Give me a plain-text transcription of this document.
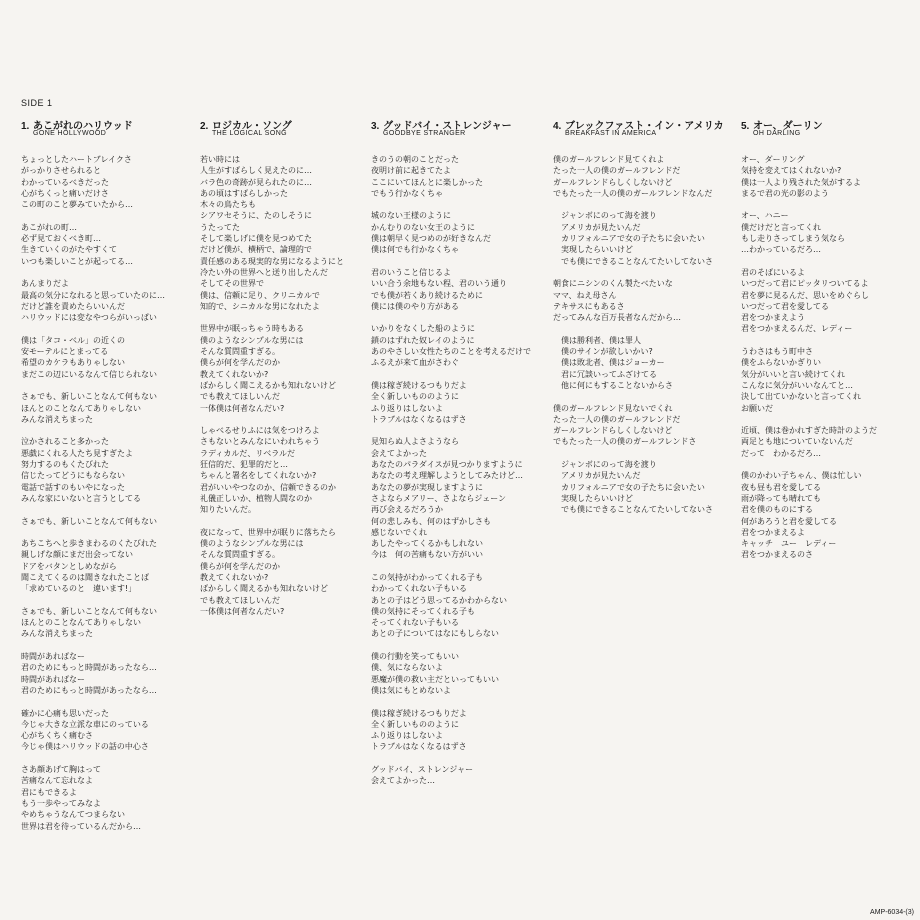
SIDE 1
1. あこがれのハリウッド
GONE HOLLYWOOD
ちょっとしたハートブレイクさ
がっかりさせられると
わかっているべきだった
心がちくっと痛いだけさ
この町のこと夢みていたから…
あこがれの町…
必ず見ておくべき町…
生きていくのがたやすくて
いつも楽しいことが起ってる…
あんまりだよ
最高の気分になれると思っていたのに…
だけど誰を責めたらいいんだ
ハリウッドには変なやつらがいっぱい
僕は「タコ・ベル」の近くの
安モーテルにとまってる
希望のカケラもありゃしない
まだこの辺にいるなんて信じられない
さぁでも、新しいことなんて何もない
ほんとのことなんてありゃしない
みんな消えちまった
泣かされること多かった
悪戯にくれる人たち見すぎたよ
努力するのもくたびれた
信じたってどうにもならない
電話で話すのもいやになった
みんな家にいないと言うとしてる
さぁでも、新しいことなんて何もない
あちこちへと歩きまわるのくたびれた
親しげな顔にまだ出会ってない
ドアをバタンとしめながら
聞こえてくるのは聞きなれたことば
「求めているのと　違います!」
さぁでも、新しいことなんて何もない
ほんとのことなんてありゃしない
みんな消えちまった
時間があればなー
君のためにもっと時間があったなら…
時間があればなー
君のためにもっと時間があったなら…
確かに心痛も思いだった
今じゃ大きな立派な車にのっている
心がちくちく痛むさ
今じゃ僕はハリウッドの話の中心さ
さあ顔あげて胸はって
苦痛なんて忘れなよ
君にもできるよ
もう一歩やってみなよ
やめちゃうなんてつまらない
世界は君を待っているんだから…
2. ロジカル・ソング
THE LOGICAL SONG
若い時には
人生がすばらしく見えたのに…
バラ色の奇跡が見られたのに…
あの頃はすばらしかった
木々の鳥たちも
シアワセそうに、たのしそうに
うたってた
そして楽しげに僕を見つめてた
だけど僕が、横柄で、論理的で
責任感のある現実的な男になるようにと
冷たい外の世界へと送り出したんだ
そしてその世界で
僕は、信頼に足り、クリニカルで
知的で、シニカルな男になれたよ
世界中が眠っちゃう時もある
僕のようなシンプルな男には
そんな質問重すぎる。
僕らが何を学んだのか
教えてくれないか?
ばからしく聞こえるかも知れないけど
でも教えてほしいんだ
一体僕は何者なんだい?
しゃべるせりふには気をつけろよ
さもないとみんなにいわれちゃう
ラディカルだ、リベラルだ
狂信的だ、犯罪的だと…
ちゃんと署名をしてくれないか?
君がいいやつなのか、信頼できるのか
礼儀正しいか、植物人間なのか
知りたいんだ。
夜になって、世界中が眠りに落ちたら
僕のようなシンプルな男には
そんな質問重すぎる。
僕らが何を学んだのか
教えてくれないか?
ばからしく聞えるかも知れないけど
でも教えてほしいんだ
一体僕は何者なんだい?
3. グッドバイ・ストレンジャー
GOODBYE STRANGER
きのうの朝のことだった
夜明け前に起きてたよ
ここにいてほんとに楽しかった
でもう行かなくちゃ
城のない王様のように
かんむりのない女王のように
僕は朝早く見つめのが好きなんだ
僕は何でも行かなくちゃ
君のいうこと信じるよ
いい合う余地もない程、君のいう通り
でも僕が若くあり続けるために
僕には僕のやり方がある
いかりをなくした船のように
鎖のはずれた奴レイのように
あのやさしい女性たちのことを考えるだけで
ふるえが来て血がさわぐ
僕は稼ぎ続けるつもりだよ
全く新しいもののように
ふり返りはしないよ
トラブルはなくなるはずさ
見知らぬ人よさようなら
会えてよかった
あなたのパラダイスが見つかりますように
あなたの考え理解しようとしてみたけど…
あなたの夢が実現しますように
さよならメアリー、さよならジェーン
再び会えるだろうか
何の悲しみも、何のはずかしさも
感じないでくれ
あしたやってくるかもしれない
今は　何の苦痛もない方がいい
この気持がわかってくれる子も
わかってくれない子もいる
あとの子はどう思ってるかわからない
僕の気持にそってくれる子も
そってくれない子もいる
あとの子についてはなにもしらない
僕の行動を笑ってもいい
僕、気にならないよ
悪魔が僕の救い主だといってもいい
僕は気にもとめないよ
僕は稼ぎ続けるつもりだよ
全く新しいもののように
ふり返りはしないよ
トラブルはなくなるはずさ
グッドバイ、ストレンジャー
会えてよかった…
4. ブレックファスト・イン・アメリカ
BREAKFAST IN AMERICA
僕のガールフレンド見てくれよ
たった一人の僕のガールフレンドだ
ガールフレンドらしくしないけど
でもたった一人の僕のガールフレンドなんだ
　ジャンボにのって海を渡り
　アメリカが見たいんだ
　カリフォルニアで女の子たちに会いたい
　実現したらいいけど
　でも僕にできることなんてたいしてないさ
朝食にニシンのくん製たべたいな
ママ、ねえ母さん
テキサスにもあるさ
だってみんな百万長者なんだから…
　僕は勝利者、僕は罪人
　僕のサインが欲しいかい?
　僕は敗北者、僕はジョーカー
　君に冗談いってふざけてる
　他に何にもすることないからさ
僕のガールフレンド見ないでくれ
たった一人の僕のガールフレンドだ
ガールフレンドらしくしないけど
でもたった一人の僕のガールフレンドさ
　ジャンボにのって海を渡り
　アメリカが見たいんだ
　カリフォルニアで女の子たちに会いたい
　実現したらいいけど
　でも僕にできることなんてたいしてないさ
5. オー、ダーリン
OH DARLING
オー、ダーリング
気持を変えてはくれないか?
僕は一人より残された気がするよ
まるで君の光の影のよう
オー、ハニー
僕だけだと言ってくれ
もし走りさってしまう気なら
…わかっているだろ…
君のそばにいるよ
いつだって君にピッタリついてるよ
君を夢に見るんだ、思いをめぐらし
いつだって君を愛してる
君をつかまえよう
君をつかまえるんだ、レディー
うわさはもう町中さ
僕をふらないかぎりい
気分がいいと言い続けてくれ
こんなに気分がいいなんてと…
決して出ていかないと言ってくれ
お願いだ
近頃、僕は巻かれすぎた時計のようだ
両足とも地についていないんだ
だって　わかるだろ…
僕のかわい子ちゃん、僕は忙しい
夜も昼も君を愛してる
雨が降っても晴れても
君を僕のものにする
何があろうと君を愛してる
君をつかまえるよ
キャッチ　ユー　レディー
君をつかまえるのさ
AMP-6034-(3)
